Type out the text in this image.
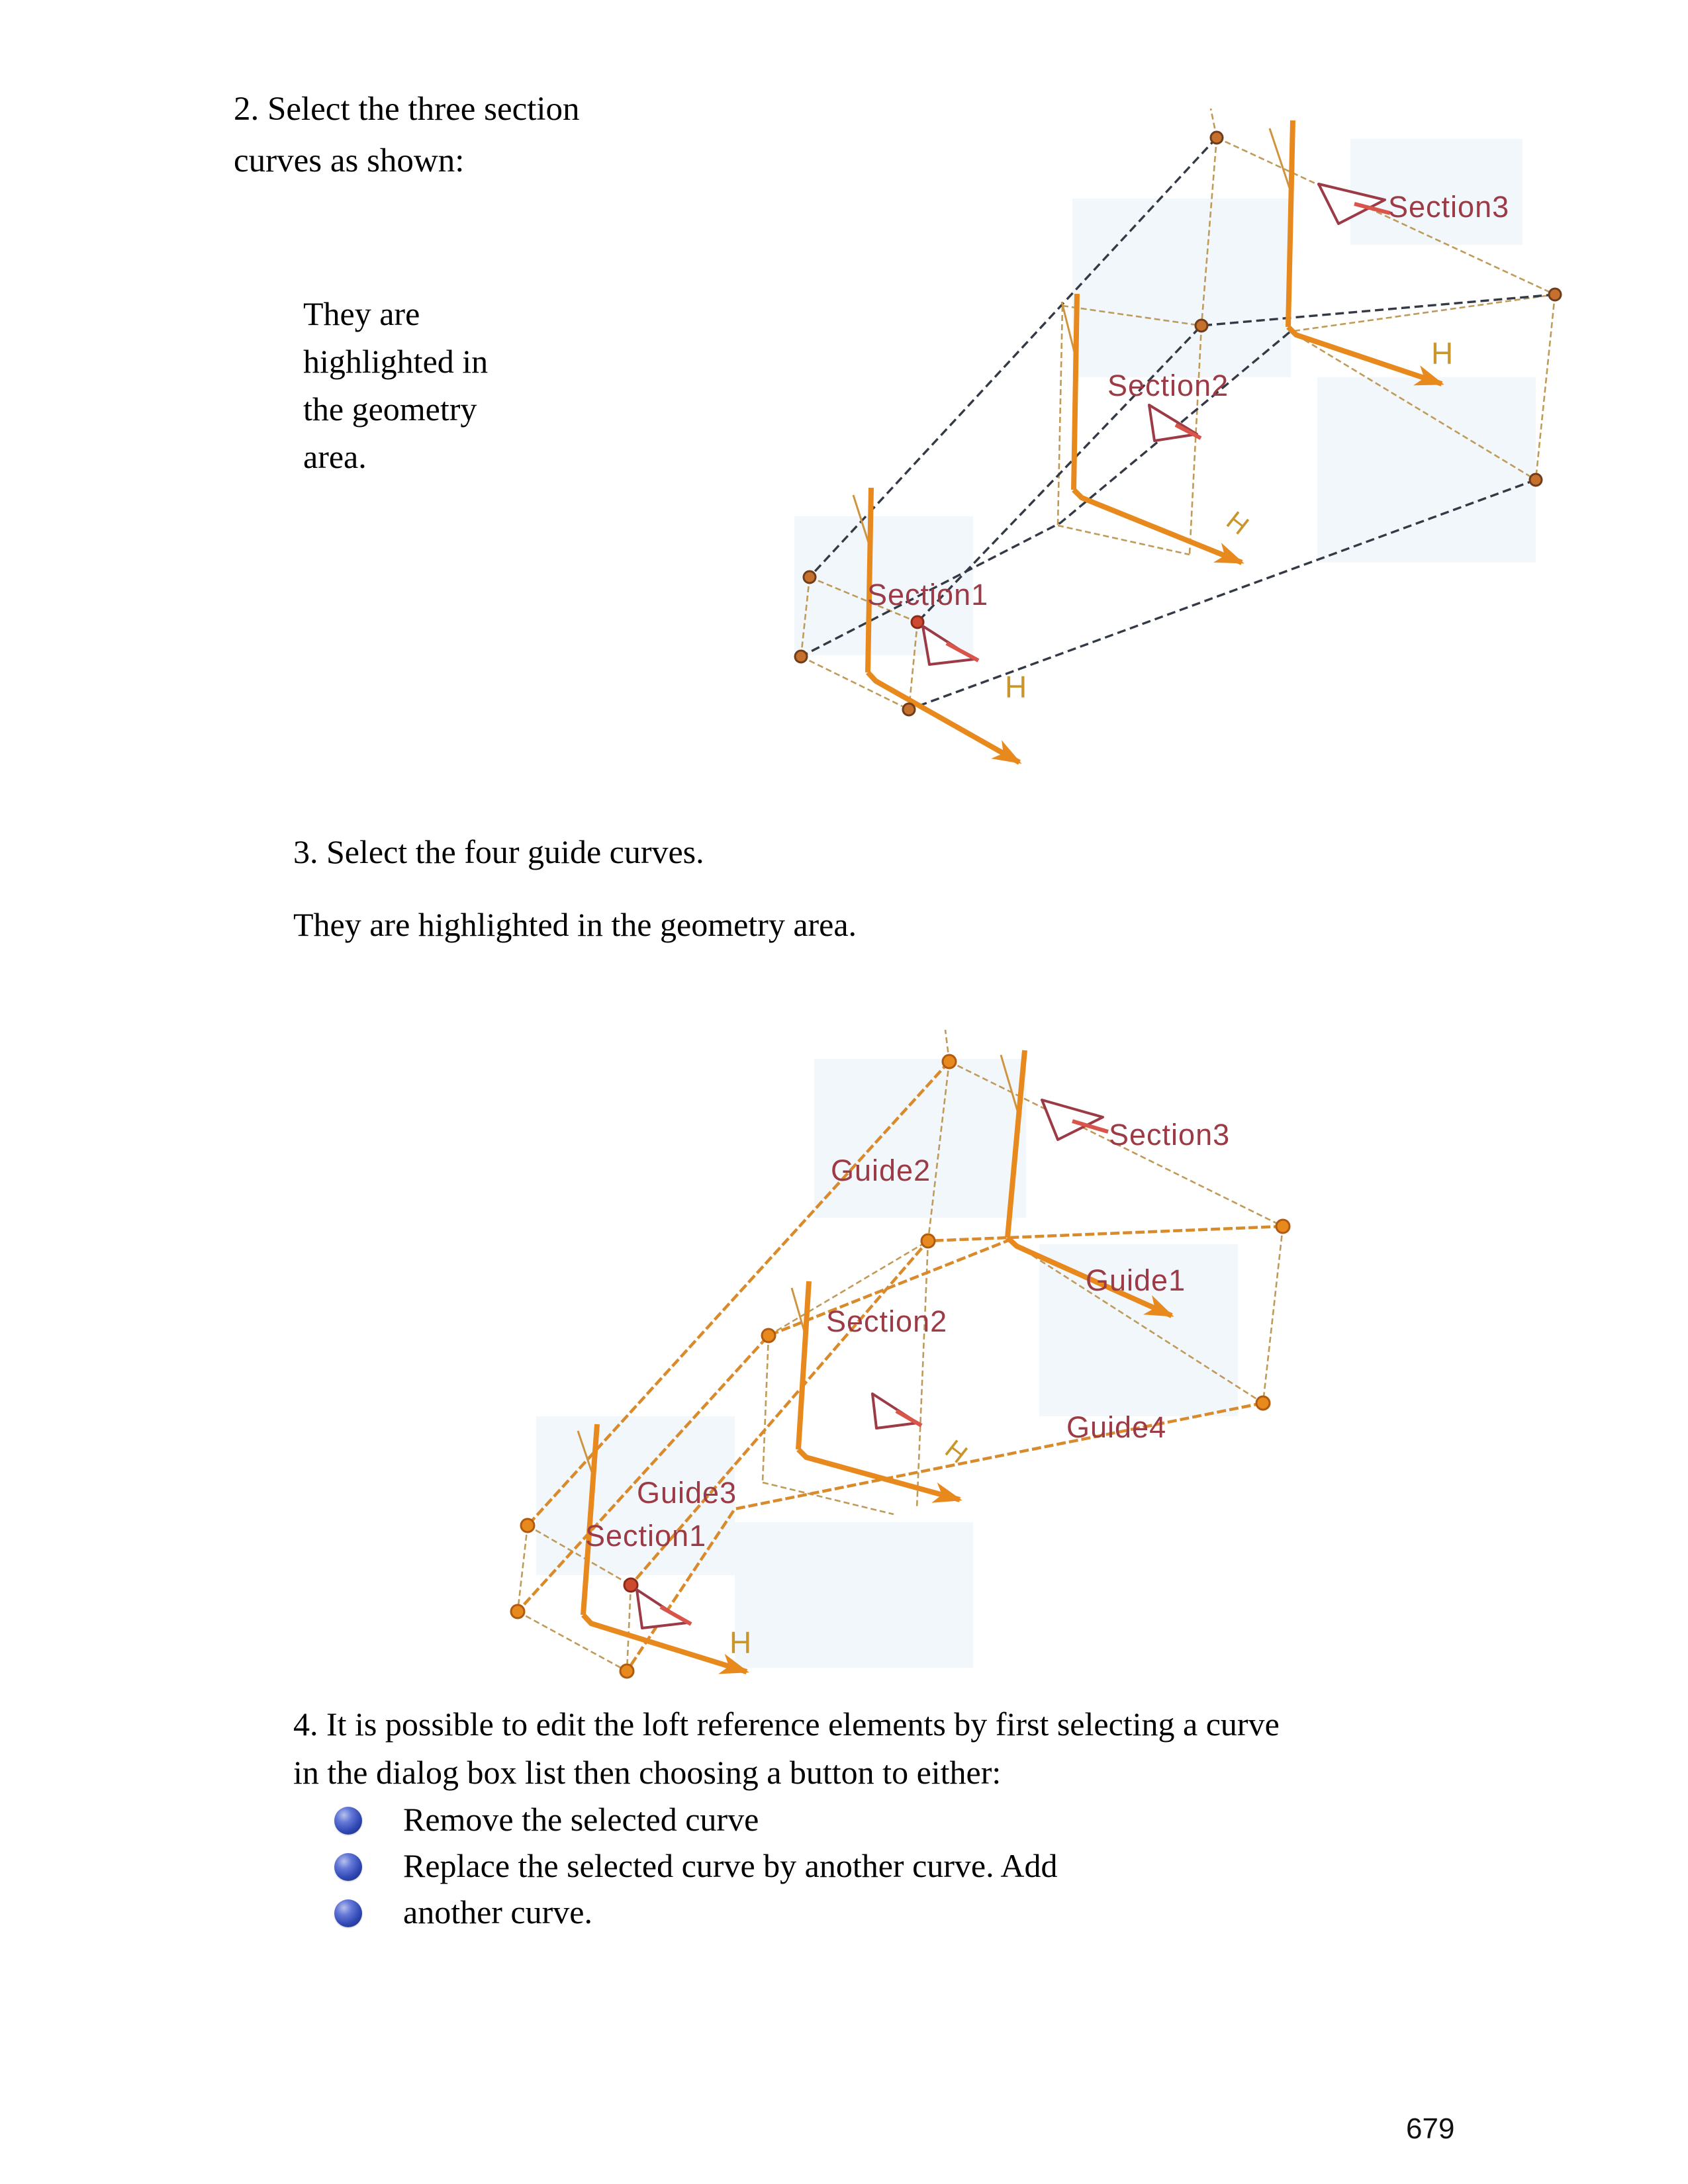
2. Select the three section
curves as shown:
They are
highlighted in
the geometry
area.
Section3
Section2
Section1
H
H
H
3. Select the four guide curves.
They are highlighted in the geometry area.
Section3
Guide2
Guide1
Section2
Guide4
Guide3
Section1
H
H
4. It is possible to edit the loft reference elements by first selecting a curve
in the dialog box list then choosing a button to either:
Remove the selected curve
Replace the selected curve by another curve. Add
another curve.
679
